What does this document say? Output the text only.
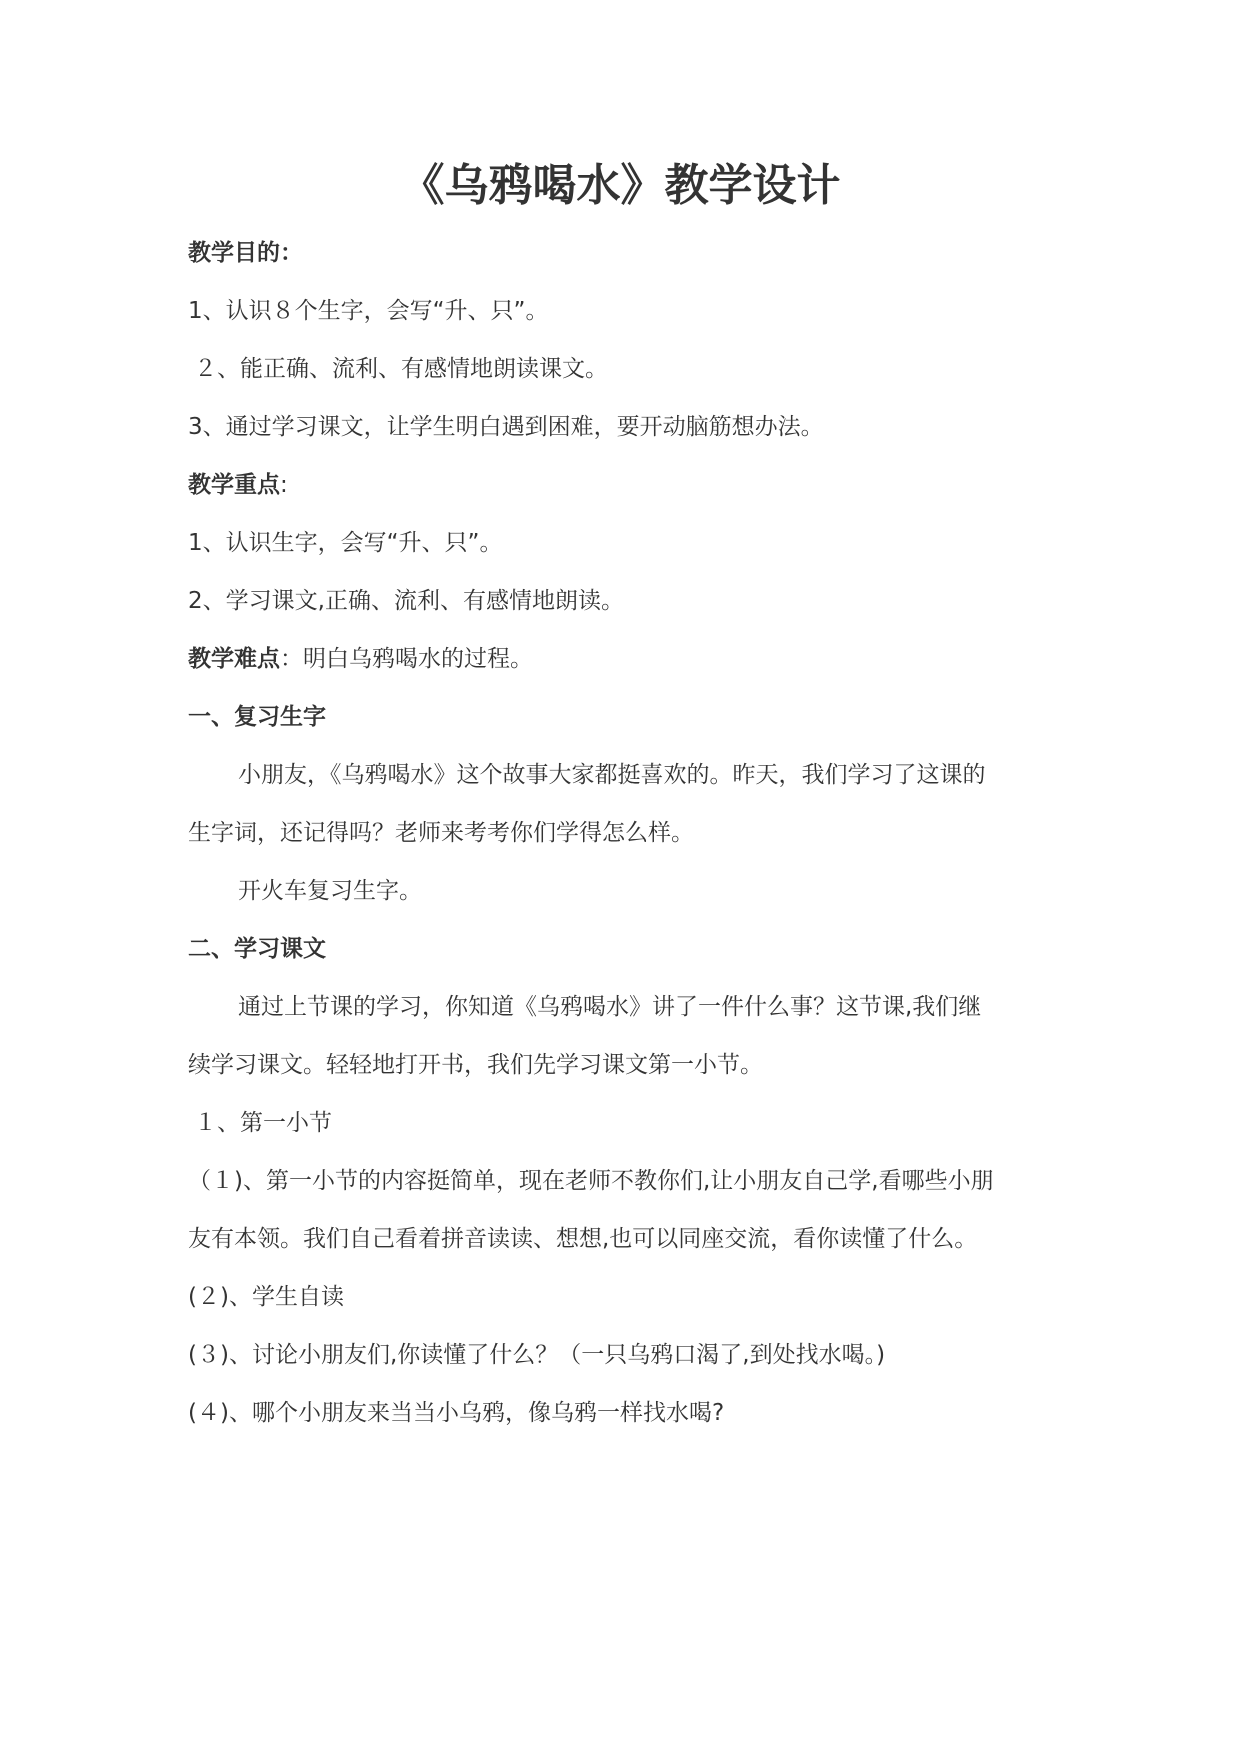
《乌鸦喝水》教学设计
教学目的：
1、认识８个生字，会写“升、只”。
２、能正确、流利、有感情地朗读课文。
3、通过学习课文，让学生明白遇到困难，要开动脑筋想办法。
教学重点:
1、认识生字，会写“升、只”。
2、学习课文,正确、流利、有感情地朗读。
教学难点：明白乌鸦喝水的过程。
一、复习生字
小朋友，《乌鸦喝水》这个故事大家都挺喜欢的。昨天，我们学习了这课的
生字词，还记得吗？老师来考考你们学得怎么样。
开火车复习生字。
二、学习课文
通过上节课的学习，你知道《乌鸦喝水》讲了一件什么事？这节课,我们继
续学习课文。轻轻地打开书，我们先学习课文第一小节。
１、第一小节
（１)、第一小节的内容挺简单，现在老师不教你们,让小朋友自己学,看哪些小朋
友有本领。我们自己看着拼音读读、想想,也可以同座交流，看你读懂了什么。
(２)、学生自读
(３)、讨论小朋友们,你读懂了什么？（一只乌鸦口渴了,到处找水喝。)
(４)、哪个小朋友来当当小乌鸦，像乌鸦一样找水喝?
